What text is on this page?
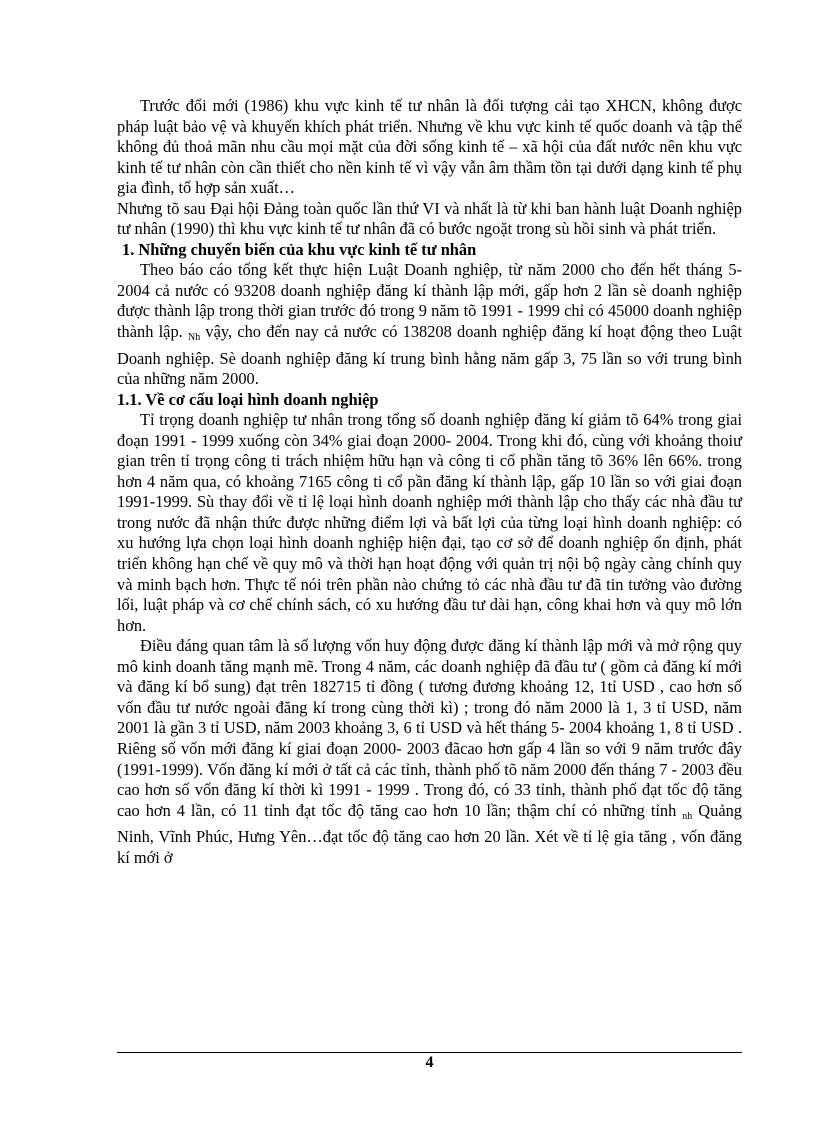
Trước đổi mới (1986) khu vực kinh tế tư nhân là đối tượng cải tạo XHCN, không được pháp luật bảo vệ và khuyến khích phát triển. Nhưng về khu vực kinh tế quốc doanh và tập thể không đủ thoả mãn nhu cầu mọi mặt của đời sống kinh tế – xã hội của đất nước nên khu vực kinh tế tư nhân còn cần thiết cho nền kinh tế vì vậy vẫn âm thầm tồn tại dưới dạng kinh tế phụ gia đình, tổ hợp sản xuất…

Nhưng tõ sau Đại hội Đảng toàn quốc lần thứ VI và nhất là từ khi ban hành luật Doanh nghiệp tư nhân (1990) thì khu vực kinh tế tư nhân đã có bước ngoặt trong sù hồi sinh và phát triển.

1. Những chuyển biến của khu vực kinh tế tư nhân

Theo báo cáo tổng kết thực hiện Luật Doanh nghiệp, từ năm 2000 cho đến hết tháng 5- 2004 cả nước có 93208 doanh nghiệp đăng kí thành lập mới, gấp hơn 2 lần sè doanh nghiệp được thành lập trong thời gian trước đó trong 9 năm tõ 1991 - 1999 chỉ có 45000 doanh nghiệp thành lập. Nh vậy, cho đến nay cả nước có 138208 doanh nghiệp đăng kí hoạt động theo Luật Doanh nghiệp. Sè doanh nghiệp đăng kí trung bình hằng năm gấp 3, 75 lần so với trung bình của những năm 2000.

1.1. Về cơ cấu loại hình doanh nghiệp

Tỉ trọng doanh nghiệp tư nhân trong tổng số doanh nghiệp đăng kí giảm tõ 64% trong giai đoạn 1991 - 1999 xuống còn 34% giai đoạn 2000- 2004. Trong khi đó, cùng với khoảng thoiư gian trên tỉ trọng công ti trách nhiệm hữu hạn và công ti cổ phần tăng tõ 36% lên 66%. trong hơn 4 năm qua, có khoảng 7165 công ti cổ pần đăng kí thành lập, gấp 10 lần so với giai đoạn 1991-1999. Sù thay đổi về tỉ lệ loại hình doanh nghiệp mới thành lập cho thấy các nhà đầu tư trong nước đã nhận thức được những điểm lợi và bất lợi của từng loại hình doanh nghiệp: có xu hướng lựa chọn loại hình doanh nghiệp hiện đại, tạo cơ sở để doanh nghiệp ổn định, phát triển không hạn chế về quy mô và thời hạn hoạt động với quản trị nội bộ ngày càng chính quy và minh bạch hơn. Thực tế nói trên phần nào chứng tỏ các nhà đầu tư đã tin tưởng vào đường lối, luật pháp và cơ chế chính sách, có xu hướng đầu tư dài hạn, công khai hơn và quy mô lớn hơn.

Điều đáng quan tâm là số lượng vốn huy động được đăng kí thành lập mới và mở rộng quy mô kinh doanh tăng mạnh mẽ. Trong 4 năm, các doanh nghiệp đã đầu tư ( gồm cả đăng kí mới và đăng kí bổ sung) đạt trên 182715 tỉ đồng ( tương đương khoảng 12, 1tỉ USD , cao hơn số vốn đầu tư nước ngoài đăng kí trong cùng thời kì) ; trong đó năm 2000 là 1, 3 tỉ USD, năm 2001 là gần 3 tỉ USD, năm 2003 khoảng 3, 6 tỉ USD và hết tháng 5- 2004 khoảng 1, 8 tỉ USD . Riêng số vốn mới đăng kí giai đoạn 2000- 2003 đãcao hơn gấp 4 lần so với 9 năm trước đây (1991-1999). Vốn đăng kí mới ở tất cả các tỉnh, thành phố tõ năm 2000 đến tháng 7 - 2003 đều cao hơn số vốn đăng kí thời kì 1991 - 1999 . Trong đó, có 33 tỉnh, thành phố đạt tốc độ tăng cao hơn 4 lần, có 11 tỉnh đạt tốc độ tăng cao hơn 10 lần; thậm chí có những tỉnh nh Quảng Ninh, Vĩnh Phúc, Hưng Yên…đạt tốc độ tăng cao hơn 20 lần. Xét về tỉ lệ gia tăng , vốn đăng kí mới ở

4
